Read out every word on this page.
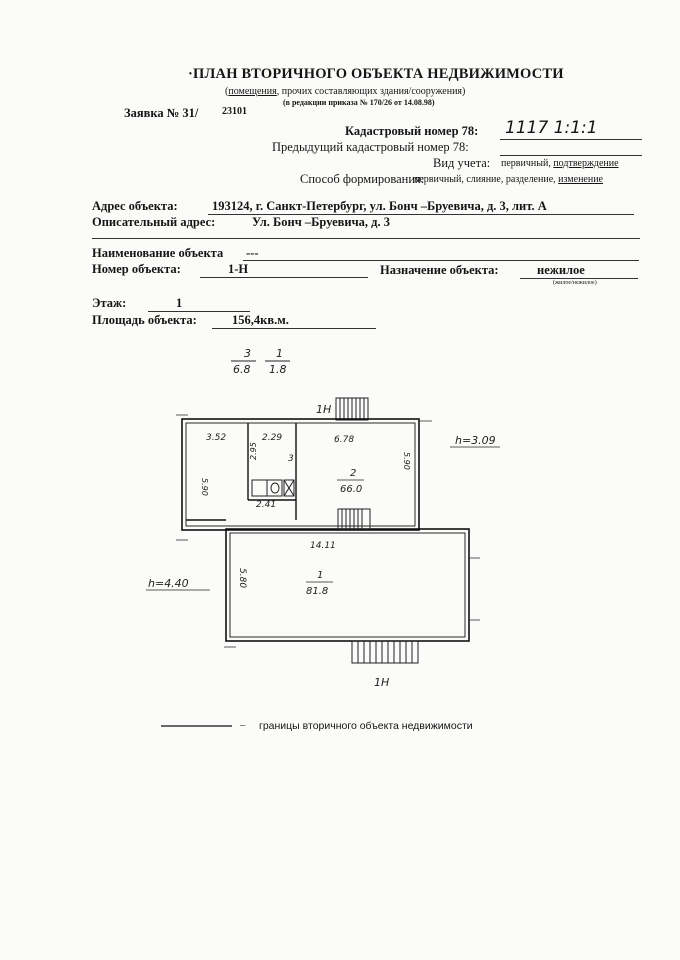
·ПЛАН ВТОРИЧНОГО ОБЪЕКТА НЕДВИЖИМОСТИ
(помещения, прочих составляющих здания/сооружения)
(в редакции приказа № 170/26 от 14.08.98)
Заявка № 31/ 23101
Кадастровый номер 78: 1117 1:1:1
Предыдущий кадастровый номер 78:
Вид учета: первичный, подтверждение
Способ формирования:
первичный, слияние, разделение, изменение
Адрес объекта:	193124, г. Санкт-Петербург, ул. Бонч –Бруевича, д. 3, лит. А
Описательный адрес:	Ул. Бонч –Бруевича, д. 3
Наименование объекта ---
Номер объекта:	1-Н	Назначение объекта:	нежилое
(жилое/нежилое)
Этаж:	1
Площадь объекта:	156,4кв.м.
3
6.8
1
1.8
1Н
1Н
3.52	2.29	6.78
2.95
5.90
5.90
2.41
14.11
5.80
3
2
66.0
1
81.8
h=3.09
h=4.40
– границы вторичного объекта недвижимости
